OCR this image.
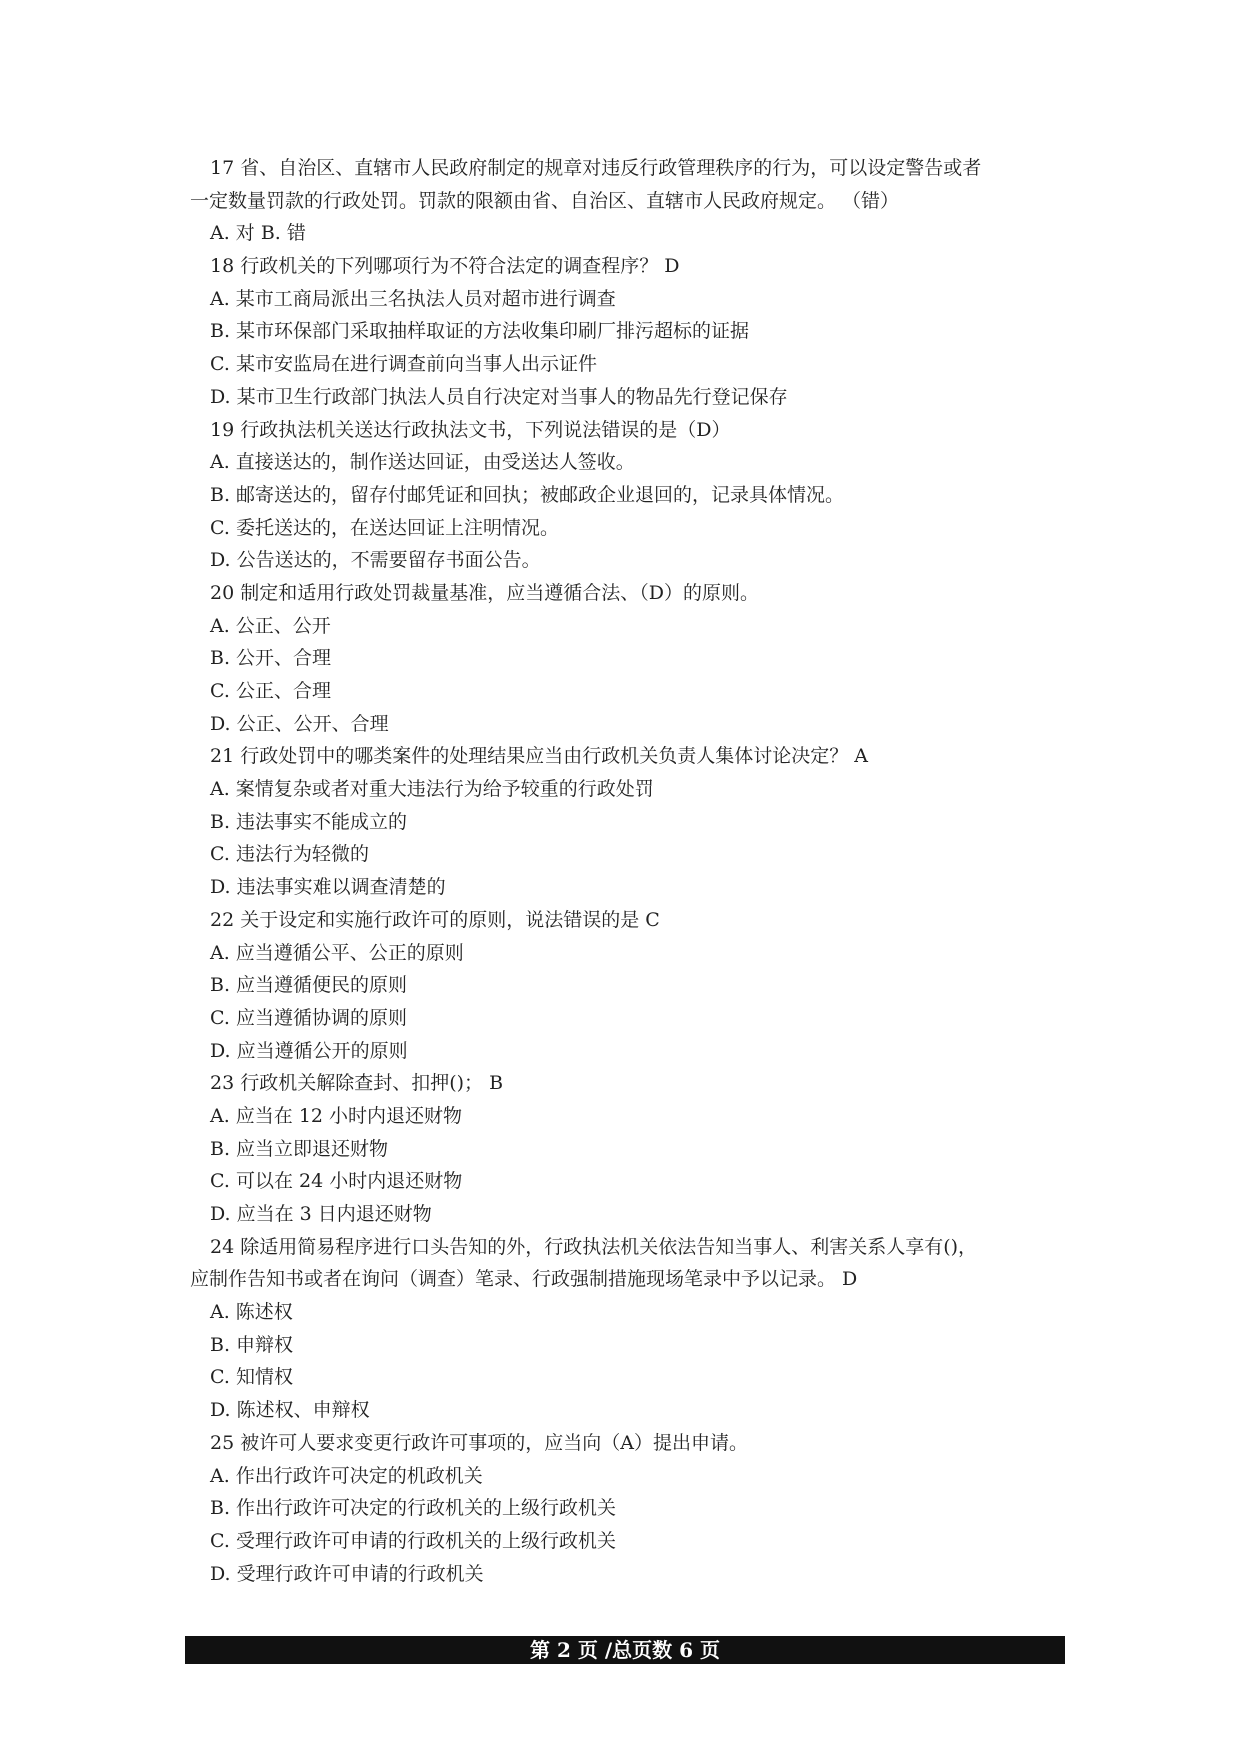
17 省、自治区、直辖市人民政府制定的规章对违反行政管理秩序的行为，可以设定警告或者
一定数量罚款的行政处罚。罚款的限额由省、自治区、直辖市人民政府规定。 （错）
A. 对 B. 错
18 行政机关的下列哪项行为不符合法定的调查程序？ D
A. 某市工商局派出三名执法人员对超市进行调查
B. 某市环保部门采取抽样取证的方法收集印刷厂排污超标的证据
C. 某市安监局在进行调查前向当事人出示证件
D. 某市卫生行政部门执法人员自行决定对当事人的物品先行登记保存
19 行政执法机关送达行政执法文书，下列说法错误的是（D）
A. 直接送达的，制作送达回证，由受送达人签收。
B. 邮寄送达的，留存付邮凭证和回执；被邮政企业退回的，记录具体情况。
C. 委托送达的，在送达回证上注明情况。
D. 公告送达的，不需要留存书面公告。
20 制定和适用行政处罚裁量基准，应当遵循合法、（D）的原则。
A. 公正、公开
B. 公开、合理
C. 公正、合理
D. 公正、公开、合理
21 行政处罚中的哪类案件的处理结果应当由行政机关负责人集体讨论决定？ A
A. 案情复杂或者对重大违法行为给予较重的行政处罚
B. 违法事实不能成立的
C. 违法行为轻微的
D. 违法事实难以调查清楚的
22 关于设定和实施行政许可的原则，说法错误的是 C
A. 应当遵循公平、公正的原则
B. 应当遵循便民的原则
C. 应当遵循协调的原则
D. 应当遵循公开的原则
23 行政机关解除查封、扣押()； B
A. 应当在 12 小时内退还财物
B. 应当立即退还财物
C. 可以在 24 小时内退还财物
D. 应当在 3 日内退还财物
24 除适用简易程序进行口头告知的外，行政执法机关依法告知当事人、利害关系人享有()，
应制作告知书或者在询问（调查）笔录、行政强制措施现场笔录中予以记录。 D
A. 陈述权
B. 申辩权
C. 知情权
D. 陈述权、申辩权
25 被许可人要求变更行政许可事项的，应当向（A）提出申请。
A. 作出行政许可决定的机政机关
B. 作出行政许可决定的行政机关的上级行政机关
C. 受理行政许可申请的行政机关的上级行政机关
D. 受理行政许可申请的行政机关
第 2 页 /总页数 6 页
